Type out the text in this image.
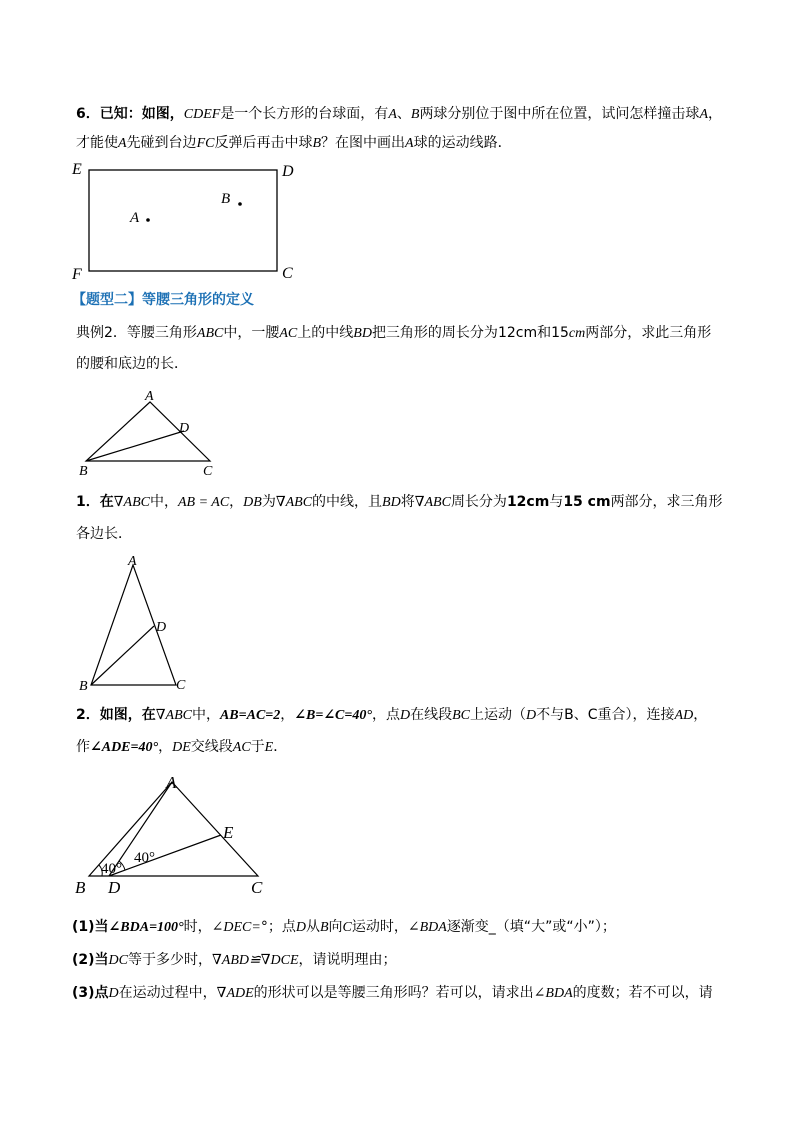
6．已知：如图，CDEF是一个长方形的台球面，有A、B两球分别位于图中所在位置，试问怎样撞击球A，
才能使A先碰到台边FC反弹后再击中球B？在图中画出A球的运动线路．
E	D
F	C
A
B
【题型二】等腰三角形的定义
典例2．等腰三角形ABC中，一腰AC上的中线BD把三角形的周长分为12cm和15cm两部分，求此三角形
的腰和底边的长．
A
B	C
D
1．在∇ABC中，AB = AC，DB为∇ABC的中线，且BD将∇ABC周长分为12cm与15 cm两部分，求三角形
各边长．
A
B	C
D
2．如图，在∇ABC中，AB=AC=2，∠B=∠C=40°，点D在线段BC上运动（D不与B、C重合），连接AD，
作∠ADE=40°，DE交线段AC于E．
A
E
B D	C
40°
40°
(1)当∠BDA=100°时，∠DEC=°；点D从B向C运动时，∠BDA逐渐变_（填“大”或“小”）；
(2)当DC等于多少时，∇ABD≌∇DCE，请说明理由；
(3)点D在运动过程中，∇ADE的形状可以是等腰三角形吗？若可以，请求出∠BDA的度数；若不可以，请
